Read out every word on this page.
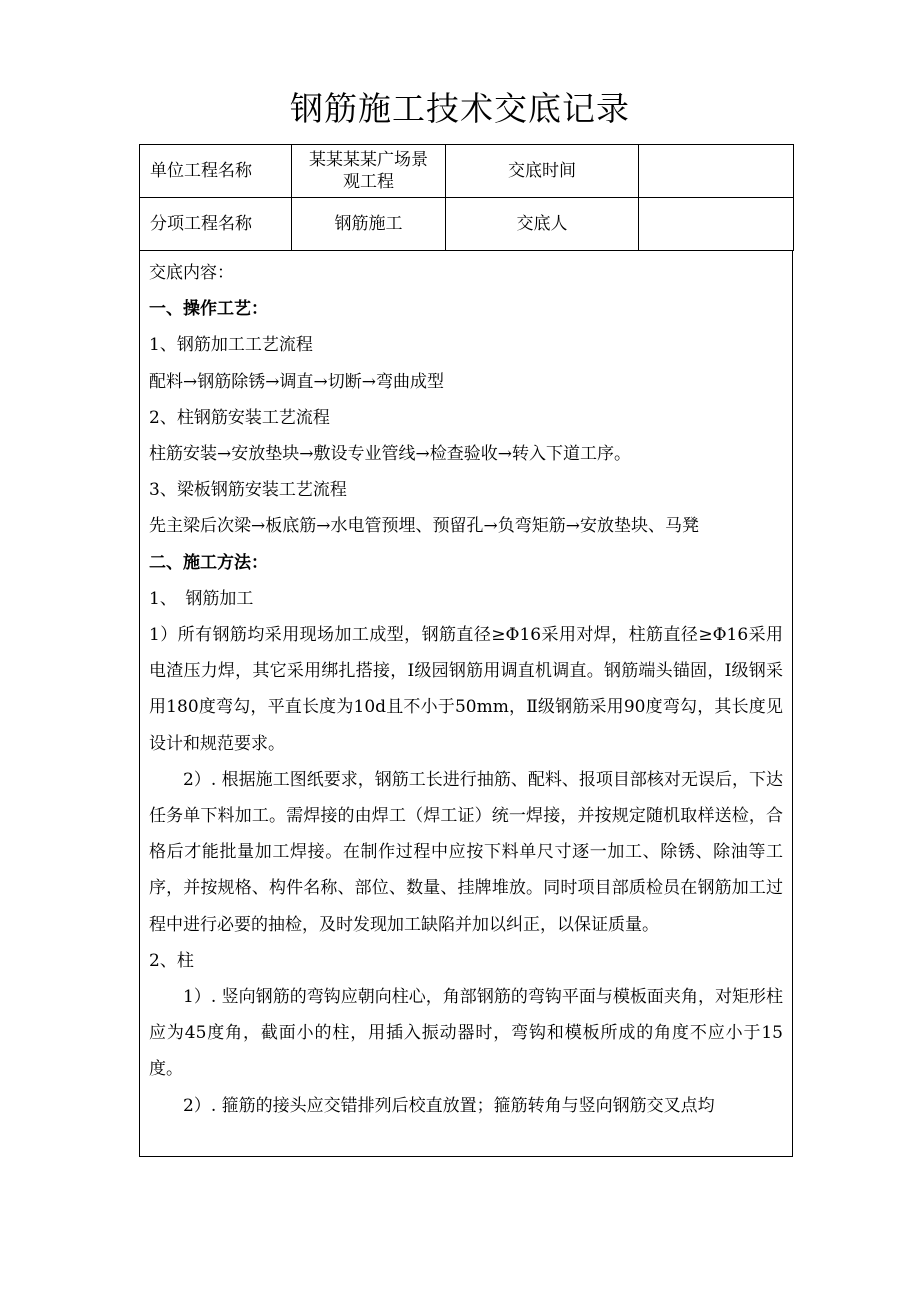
钢筋施工技术交底记录
单位工程名称	某某某某广场景观工程	交底时间	
分项工程名称	钢筋施工	交底人	
交底内容：
一、操作工艺：
1、钢筋加工工艺流程
配料→钢筋除锈→调直→切断→弯曲成型
2、柱钢筋安装工艺流程
柱筋安装→安放垫块→敷设专业管线→检查验收→转入下道工序。
3、梁板钢筋安装工艺流程
先主梁后次梁→板底筋→水电管预埋、预留孔→负弯矩筋→安放垫块、马凳
二、施工方法：
1、　钢筋加工
1）所有钢筋均采用现场加工成型，钢筋直径≥Φ16采用对焊，柱筋直径≥Φ16采用电渣压力焊，其它采用绑扎搭接，Ⅰ级园钢筋用调直机调直。钢筋端头锚固，Ⅰ级钢采用180度弯勾，平直长度为10d且不小于50mm，Ⅱ级钢筋采用90度弯勾，其长度见设计和规范要求。
2）. 根据施工图纸要求，钢筋工长进行抽筋、配料、报项目部核对无误后，下达任务单下料加工。需焊接的由焊工（焊工证）统一焊接，并按规定随机取样送检，合格后才能批量加工焊接。在制作过程中应按下料单尺寸逐一加工、除锈、除油等工序，并按规格、构件名称、部位、数量、挂牌堆放。同时项目部质检员在钢筋加工过程中进行必要的抽检，及时发现加工缺陷并加以纠正，以保证质量。
2、柱
1）. 竖向钢筋的弯钩应朝向柱心，角部钢筋的弯钩平面与模板面夹角，对矩形柱应为45度角，截面小的柱，用插入振动器时，弯钩和模板所成的角度不应小于15度。
2）. 箍筋的接头应交错排列后校直放置；箍筋转角与竖向钢筋交叉点均
